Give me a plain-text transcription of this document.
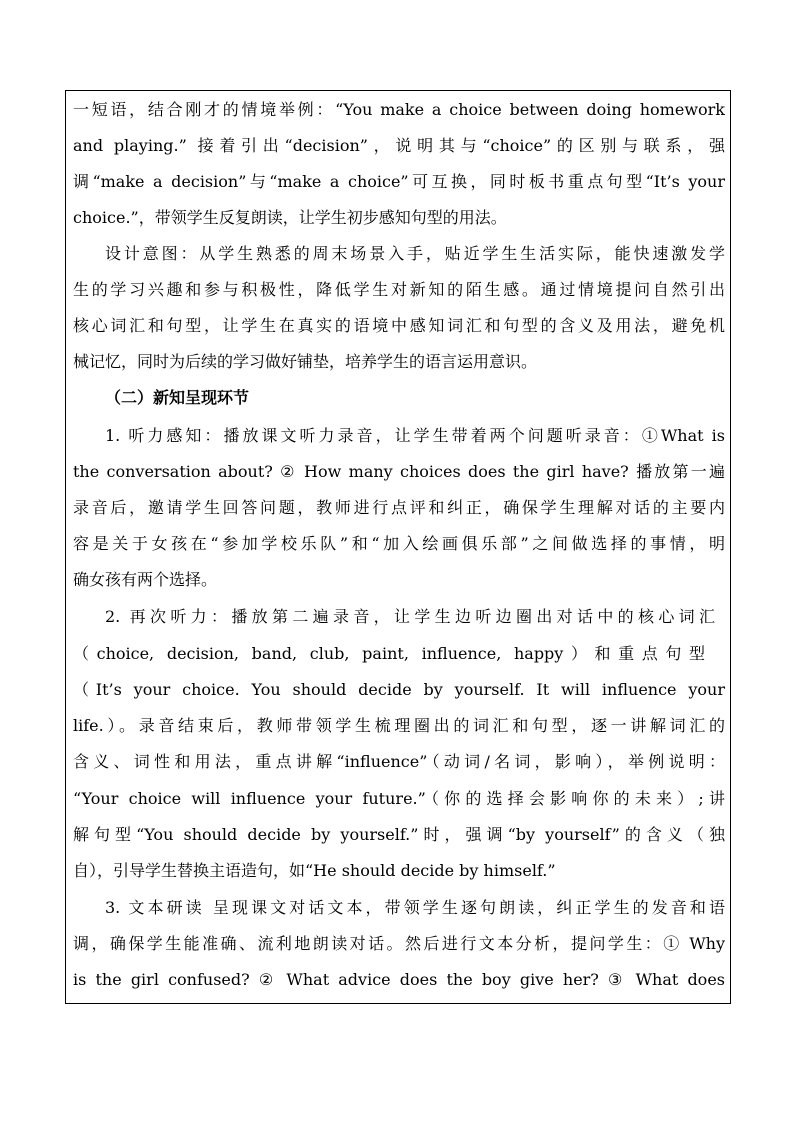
一短语，结合刚才的情境举例：“You make a choice between doing homework
and playing.” 接着引出“decision”，说明其与“choice”的区别与联系，强
调“make a decision”与“make a choice”可互换，同时板书重点句型“It’s your
choice.”，带领学生反复朗读，让学生初步感知句型的用法。
设计意图：从学生熟悉的周末场景入手，贴近学生生活实际，能快速激发学
生的学习兴趣和参与积极性，降低学生对新知的陌生感。通过情境提问自然引出
核心词汇和句型，让学生在真实的语境中感知词汇和句型的含义及用法，避免机
械记忆，同时为后续的学习做好铺垫，培养学生的语言运用意识。
（二）新知呈现环节
1. 听力感知：播放课文听力录音，让学生带着两个问题听录音：①What is
the conversation about? ② How many choices does the girl have? 播放第一遍
录音后，邀请学生回答问题，教师进行点评和纠正，确保学生理解对话的主要内
容是关于女孩在“参加学校乐队”和“加入绘画俱乐部”之间做选择的事情，明
确女孩有两个选择。
2. 再次听力：播放第二遍录音，让学生边听边圈出对话中的核心词汇
（choice, decision, band, club, paint, influence, happy）和重点句型
（It’s your choice. You should decide by yourself. It will influence your
life.）。录音结束后，教师带领学生梳理圈出的词汇和句型，逐一讲解词汇的
含义、词性和用法，重点讲解“influence”（动词/名词，影响），举例说明：
“Your choice will influence your future.”（你的选择会影响你的未来）;讲
解句型“You should decide by yourself.”时，强调“by yourself”的含义（独
自），引导学生替换主语造句，如“He should decide by himself.”
3. 文本研读 呈现课文对话文本，带领学生逐句朗读，纠正学生的发音和语
调，确保学生能准确、流利地朗读对话。然后进行文本分析，提问学生：① Why
is the girl confused? ② What advice does the boy give her? ③ What does
